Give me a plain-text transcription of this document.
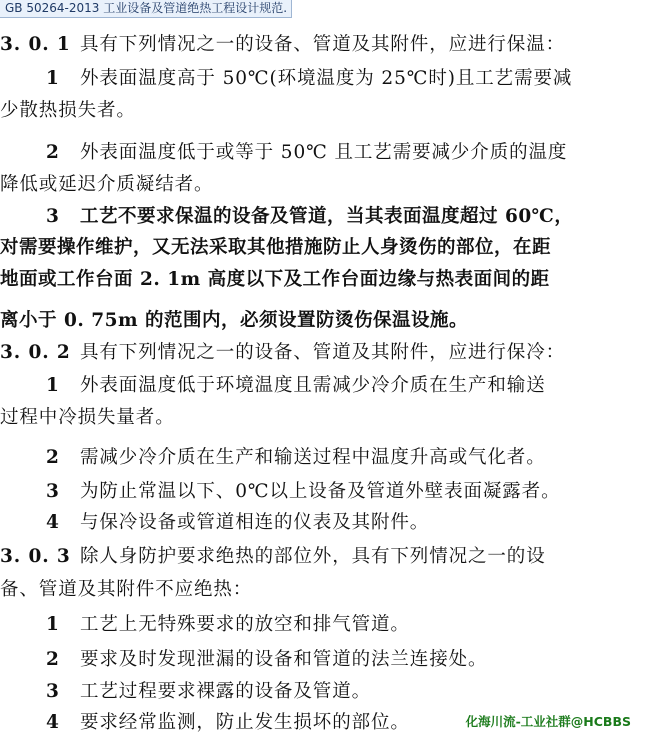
GB 50264-2013 工业设备及管道绝热工程设计规范.
3. 0. 1 具有下列情况之一的设备、管道及其附件，应进行保温：
1 外表面温度高于 50℃(环境温度为 25℃时)且工艺需要减
少散热损失者。
2 外表面温度低于或等于 50℃ 且工艺需要减少介质的温度
降低或延迟介质凝结者。
3 工艺不要求保温的设备及管道，当其表面温度超过 60℃，
对需要操作维护，又无法采取其他措施防止人身烫伤的部位，在距
地面或工作台面 2. 1m 高度以下及工作台面边缘与热表面间的距
离小于 0. 75m 的范围内，必须设置防烫伤保温设施。
3. 0. 2 具有下列情况之一的设备、管道及其附件，应进行保冷：
1 外表面温度低于环境温度且需减少冷介质在生产和输送
过程中冷损失量者。
2 需减少冷介质在生产和输送过程中温度升高或气化者。
3 为防止常温以下、0℃以上设备及管道外壁表面凝露者。
4 与保冷设备或管道相连的仪表及其附件。
3. 0. 3 除人身防护要求绝热的部位外，具有下列情况之一的设
备、管道及其附件不应绝热：
1 工艺上无特殊要求的放空和排气管道。
2 要求及时发现泄漏的设备和管道的法兰连接处。
3 工艺过程要求裸露的设备及管道。
4 要求经常监测，防止发生损坏的部位。	化海川流-工业社群@HCBBS
